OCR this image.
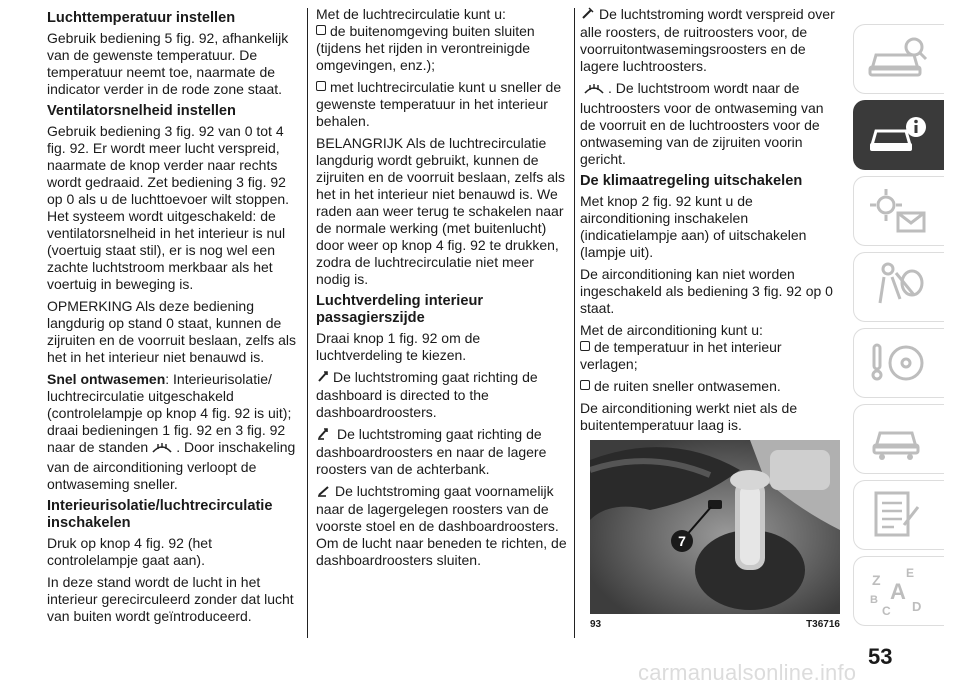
Luchttemperatuur instellen

Gebruik bediening 5 fig. 92, afhankelijk van de gewenste temperatuur. De temperatuur neemt toe, naarmate de indicator verder in de rode zone staat.

Ventilatorsnelheid instellen

Gebruik bediening 3 fig. 92 van 0 tot 4 fig. 92. Er wordt meer lucht verspreid, naarmate de knop verder naar rechts wordt gedraaid. Zet bediening 3 fig. 92 op 0 als u de luchttoevoer wilt stoppen. Het systeem wordt uitgeschakeld: de ventilatorsnelheid in het interieur is nul (voertuig staat stil), er is nog wel een zachte luchtstroom merkbaar als het voertuig in beweging is.

OPMERKING Als deze bediening langdurig op stand 0 staat, kunnen de zijruiten en de voorruit beslaan, zelfs als het in het interieur niet benauwd is.

Snel ontwasemen: Interieurisolatie/ luchtrecirculatie uitgeschakeld (controlelampje op knop 4 fig. 92 is uit); draai bedieningen 1 fig. 92 en 3 fig. 92 naar de standen . Door inschakeling van de airconditioning verloopt de ontwaseming sneller.

Interieurisolatie/luchtrecirculatie inschakelen

Druk op knop 4 fig. 92 (het controlelampje gaat aan).

In deze stand wordt de lucht in het interieur gerecirculeerd zonder dat lucht van buiten wordt geïntroduceerd.

Met de luchtrecirculatie kunt u:

de buitenomgeving buiten sluiten (tijdens het rijden in verontreinigde omgevingen, enz.);

met luchtrecirculatie kunt u sneller de gewenste temperatuur in het interieur behalen.

BELANGRIJK Als de luchtrecirculatie langdurig wordt gebruikt, kunnen de zijruiten en de voorruit beslaan, zelfs als het in het interieur niet benauwd is. We raden aan weer terug te schakelen naar de normale werking (met buitenlucht) door weer op knop 4 fig. 92 te drukken, zodra de luchtrecirculatie niet meer nodig is.

Luchtverdeling interieur passagierszijde

Draai knop 1 fig. 92 om de luchtverdeling te kiezen.

De luchtstroming gaat richting de dashboard is directed to the dashboardroosters.

De luchtstroming gaat richting de dashboardroosters en naar de lagere roosters van de achterbank.

De luchtstroming gaat voornamelijk naar de lagergelegen roosters van de voorste stoel en de dashboardroosters. Om de lucht naar beneden te richten, de dashboardroosters sluiten.

De luchtstroming wordt verspreid over alle roosters, de ruitroosters voor, de voorruitontwasemingsroosters en de lagere luchtroosters.

. De luchtstroom wordt naar de luchtroosters voor de ontwaseming van de voorruit en de luchtroosters voor de ontwaseming van de zijruiten voorin gericht.

De klimaatregeling uitschakelen

Met knop 2 fig. 92 kunt u de airconditioning inschakelen (indicatielampje aan) of uitschakelen (lampje uit).

De airconditioning kan niet worden ingeschakeld als bediening 3 fig. 92 op 0 staat.

Met de airconditioning kunt u:

de temperatuur in het interieur verlagen;

de ruiten sneller ontwasemen.

De airconditioning werkt niet als de buitentemperatuur laag is.

7
93	T36716
Z E
A
B
C D
53
carmanualsonline.info
